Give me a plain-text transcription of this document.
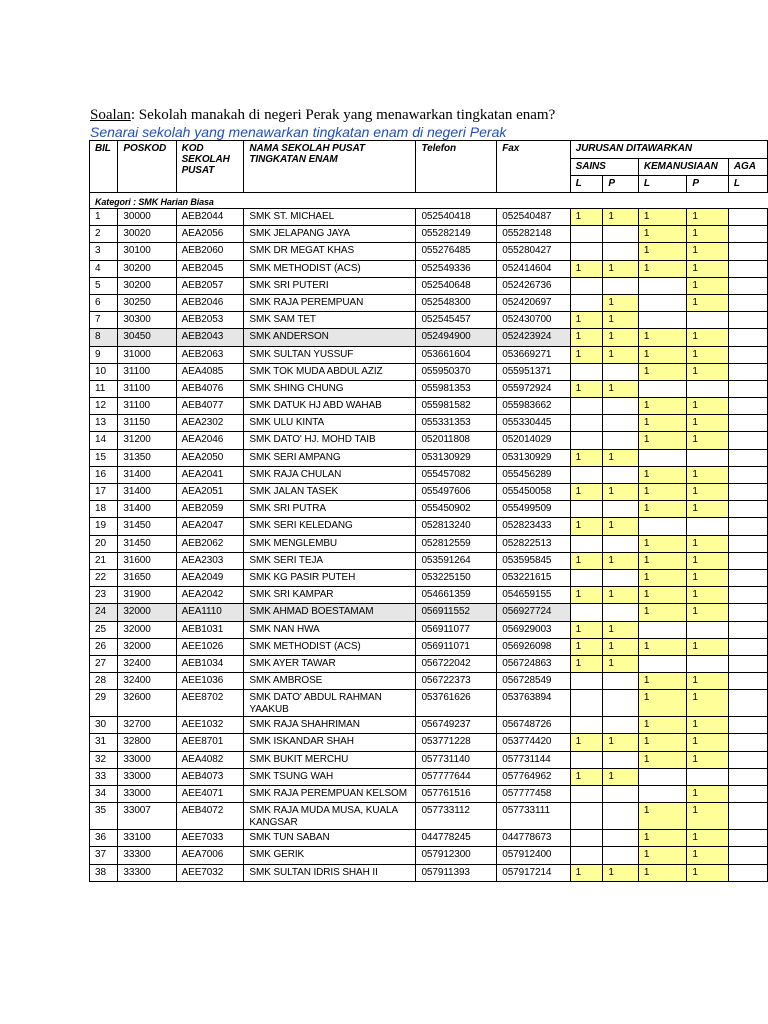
Soalan: Sekolah manakah di negeri Perak yang menawarkan tingkatan enam?
Senarai sekolah yang menawarkan tingkatan enam di negeri Perak
BIL	POSKOD	KOD SEKOLAH PUSAT	NAMA SEKOLAH PUSAT TINGKATAN ENAM	Telefon	Fax	JURUSAN DITAWARKAN				
						SAINS		KEMANUSIAAN		AGA
						L	P	L	P	L
Kategori : SMK Harian Biasa										
1	30000	AEB2044	SMK ST. MICHAEL	052540418	052540487	1	1	1	1	
2	30020	AEA2056	SMK JELAPANG JAYA	055282149	055282148			1	1	
3	30100	AEB2060	SMK DR MEGAT KHAS	055276485	055280427			1	1	
4	30200	AEB2045	SMK METHODIST (ACS)	052549336	052414604	1	1	1	1	
5	30200	AEB2057	SMK SRI PUTERI	052540648	052426736				1	
6	30250	AEB2046	SMK RAJA PEREMPUAN	052548300	052420697		1		1	
7	30300	AEB2053	SMK SAM TET	052545457	052430700	1	1			
8	30450	AEB2043	SMK ANDERSON	052494900	052423924	1	1	1	1	
9	31000	AEB2063	SMK SULTAN YUSSUF	053661604	053669271	1	1	1	1	
10	31100	AEA4085	SMK TOK MUDA ABDUL AZIZ	055950370	055951371			1	1	
11	31100	AEB4076	SMK SHING CHUNG	055981353	055972924	1	1			
12	31100	AEB4077	SMK DATUK HJ ABD WAHAB	055981582	055983662			1	1	
13	31150	AEA2302	SMK ULU KINTA	055331353	055330445			1	1	
14	31200	AEA2046	SMK DATO' HJ. MOHD TAIB	052011808	052014029			1	1	
15	31350	AEA2050	SMK SERI AMPANG	053130929	053130929	1	1			
16	31400	AEA2041	SMK RAJA CHULAN	055457082	055456289			1	1	
17	31400	AEA2051	SMK JALAN TASEK	055497606	055450058	1	1	1	1	
18	31400	AEB2059	SMK SRI PUTRA	055450902	055499509			1	1	
19	31450	AEA2047	SMK SERI KELEDANG	052813240	052823433	1	1			
20	31450	AEB2062	SMK MENGLEMBU	052812559	052822513			1	1	
21	31600	AEA2303	SMK SERI TEJA	053591264	053595845	1	1	1	1	
22	31650	AEA2049	SMK KG PASIR PUTEH	053225150	053221615			1	1	
23	31900	AEA2042	SMK SRI KAMPAR	054661359	054659155	1	1	1	1	
24	32000	AEA1110	SMK AHMAD BOESTAMAM	056911552	056927724			1	1	
25	32000	AEB1031	SMK NAN HWA	056911077	056929003	1	1			
26	32000	AEE1026	SMK METHODIST (ACS)	056911071	056926098	1	1	1	1	
27	32400	AEB1034	SMK AYER TAWAR	056722042	056724863	1	1			
28	32400	AEE1036	SMK AMBROSE	056722373	056728549			1	1	
29	32600	AEE8702	SMK DATO' ABDUL RAHMAN YAAKUB	053761626	053763894			1	1	
30	32700	AEE1032	SMK RAJA SHAHRIMAN	056749237	056748726			1	1	
31	32800	AEE8701	SMK ISKANDAR SHAH	053771228	053774420	1	1	1	1	
32	33000	AEA4082	SMK BUKIT MERCHU	057731140	057731144			1	1	
33	33000	AEB4073	SMK TSUNG WAH	057777644	057764962	1	1			
34	33000	AEE4071	SMK RAJA PEREMPUAN KELSOM	057761516	057777458				1	
35	33007	AEB4072	SMK RAJA MUDA MUSA, KUALA KANGSAR	057733112	057733111			1	1	
36	33100	AEE7033	SMK TUN SABAN	044778245	044778673			1	1	
37	33300	AEA7006	SMK GERIK	057912300	057912400			1	1	
38	33300	AEE7032	SMK SULTAN IDRIS SHAH II	057911393	057917214	1	1	1	1	
